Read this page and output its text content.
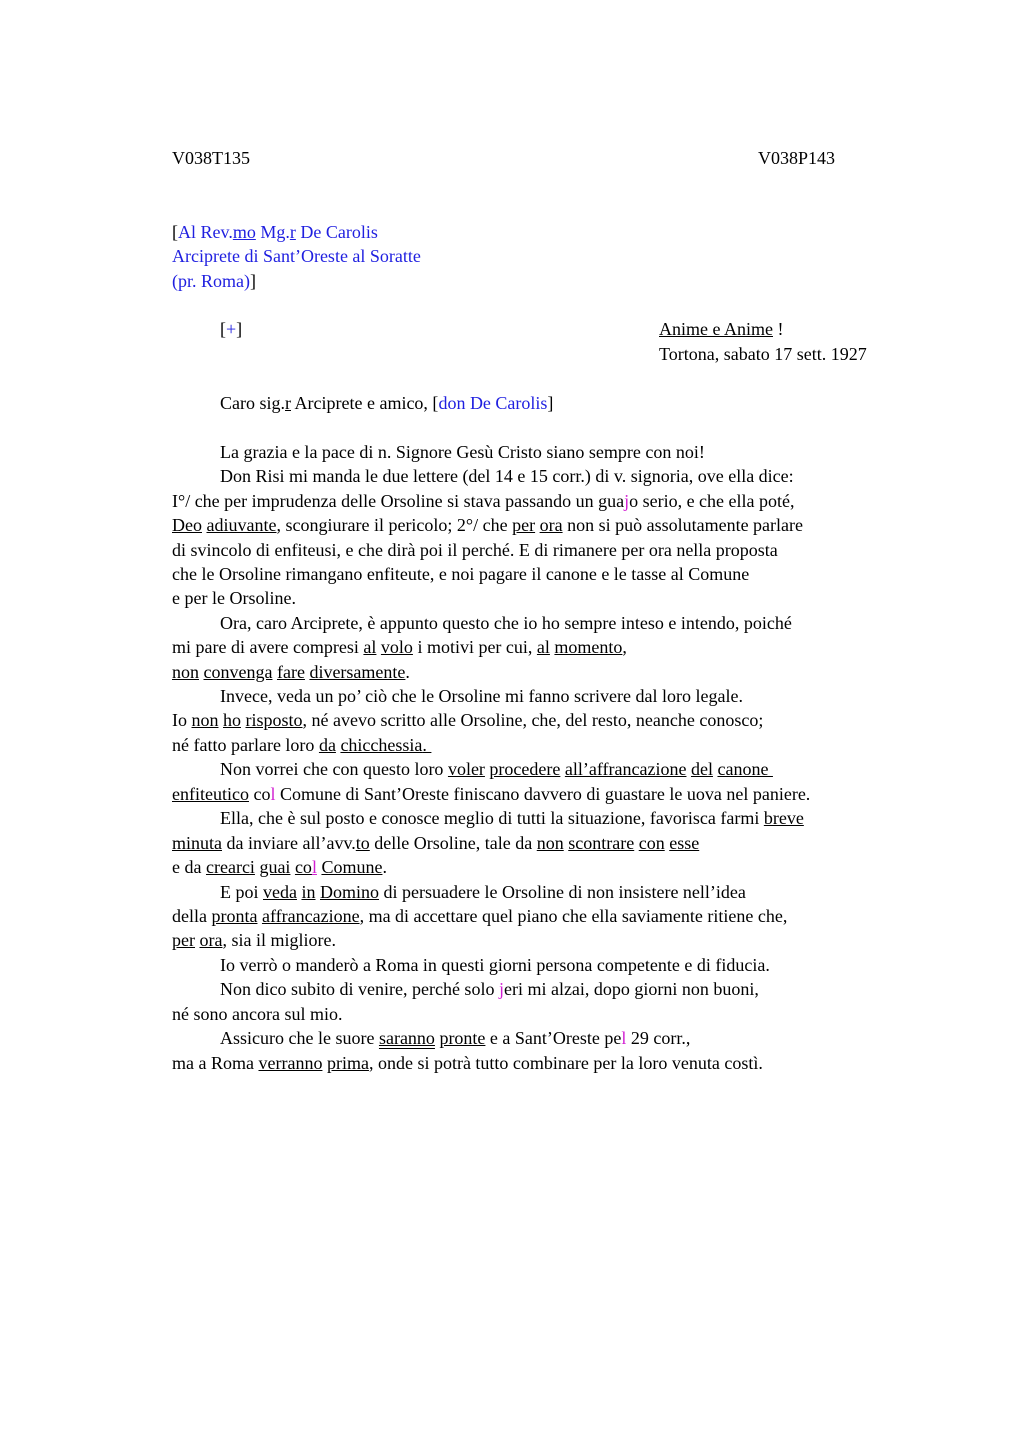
V038T135	V038P143
[Al Rev.mo Mg.r De Carolis
Arciprete di Sant’Oreste al Soratte
(pr. Roma)]
[+]	Anime e Anime !
Tortona, sabato 17 sett. 1927
Caro sig.r Arciprete e amico, [don De Carolis]
La grazia e la pace di n. Signore Gesù Cristo siano sempre con noi!
Don Risi mi manda le due lettere (del 14 e 15 corr.) di v. signoria, ove ella dice:
I°/ che per imprudenza delle Orsoline si stava passando un guajo serio, e che ella poté,
Deo adiuvante, scongiurare il pericolo; 2°/ che per ora non si può assolutamente parlare
di svincolo di enfiteusi, e che dirà poi il perché. E di rimanere per ora nella proposta
che le Orsoline rimangano enfiteute, e noi pagare il canone e le tasse al Comune
e per le Orsoline.
Ora, caro Arciprete, è appunto questo che io ho sempre inteso e intendo, poiché
mi pare di avere compresi al volo i motivi per cui, al momento,
non convenga fare diversamente.
Invece, veda un po’ ciò che le Orsoline mi fanno scrivere dal loro legale.
Io non ho risposto, né avevo scritto alle Orsoline, che, del resto, neanche conosco;
né fatto parlare loro da chicchessia.
Non vorrei che con questo loro voler procedere all’affrancazione del canone
enfiteutico col Comune di Sant’Oreste finiscano davvero di guastare le uova nel paniere.
Ella, che è sul posto e conosce meglio di tutti la situazione, favorisca farmi breve
minuta da inviare all’avv.to delle Orsoline, tale da non scontrare con esse
e da crearci guai col Comune.
E poi veda in Domino di persuadere le Orsoline di non insistere nell’idea
della pronta affrancazione, ma di accettare quel piano che ella saviamente ritiene che,
per ora, sia il migliore.
Io verrò o manderò a Roma in questi giorni persona competente e di fiducia.
Non dico subito di venire, perché solo jeri mi alzai, dopo giorni non buoni,
né sono ancora sul mio.
Assicuro che le suore saranno pronte e a Sant’Oreste pel 29 corr.,
ma a Roma verranno prima, onde si potrà tutto combinare per la loro venuta costì.
